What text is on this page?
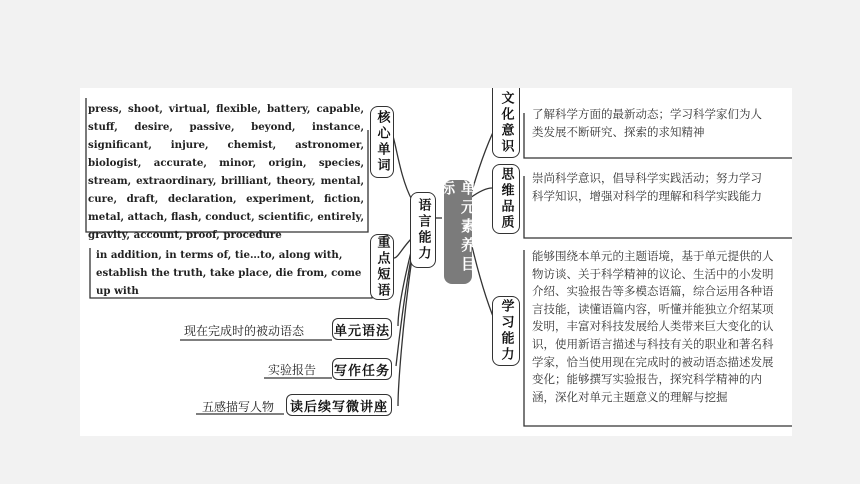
单元素养目标
语言能力
核心单词
press, shoot, virtual, flexible, battery, capable, stuff, desire, passive, beyond, instance, significant, injure, chemist, astronomer, biologist, accurate, minor, origin, species, stream, extraordinary, brilliant, theory, mental, cure, draft, declaration, experiment, fiction, metal, attach, flash, conduct, scientific, entirely, gravity, account, proof, procedure	重点短语
in addition, in terms of, tie…to, along with, establish the truth, take place, die from, come up with
单元语法
现在完成时的被动语态
写作任务
实验报告
读后续写微讲座
五感描写人物
文化意识	了解科学方面的最新动态；学习科学家们为人类发展不断研究、探索的求知精神
思维品质	崇尚科学意识，倡导科学实践活动；努力学习科学知识，增强对科学的理解和科学实践能力
学习能力
能够围绕本单元的主题语境，基于单元提供的人物访谈、关于科学精神的议论、生活中的小发明介绍、实验报告等多模态语篇，综合运用各种语言技能，读懂语篇内容，听懂并能独立介绍某项发明，丰富对科技发展给人类带来巨大变化的认识，使用新语言描述与科技有关的职业和著名科学家，恰当使用现在完成时的被动语态描述发展变化；能够撰写实验报告，探究科学精神的内涵，深化对单元主题意义的理解与挖掘
